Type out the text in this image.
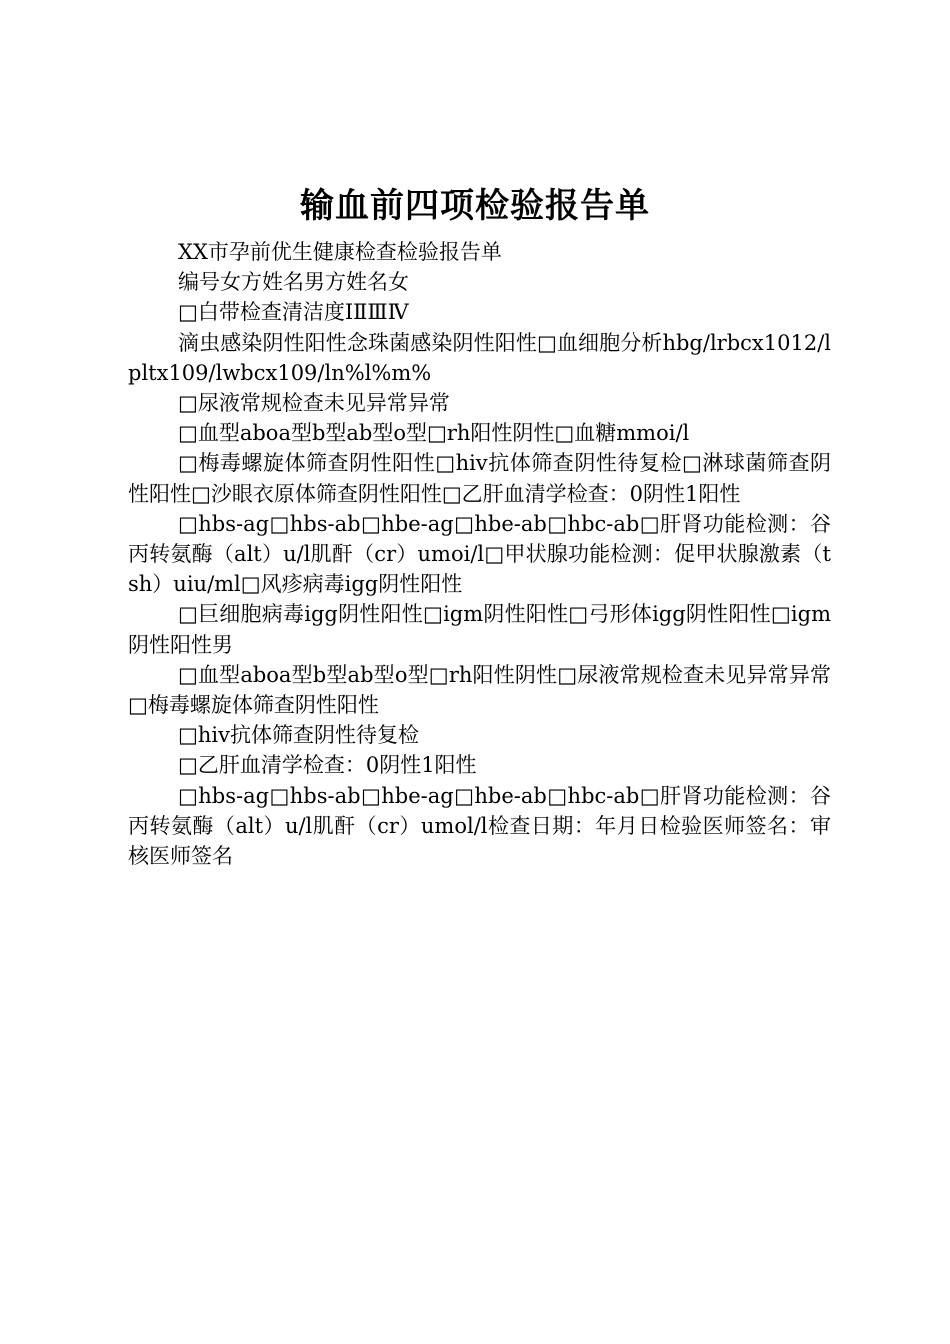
输血前四项检验报告单

XX市孕前优生健康检查检验报告单

编号女方姓名男方姓名女

□白带检查清洁度ⅠⅡⅢⅣ

滴虫感染阴性阳性念珠菌感染阴性阳性□血细胞分析hbg/lrbcx1012/lpltx109/lwbcx109/ln%l%m%

□尿液常规检查未见异常异常

□血型aboa型b型ab型o型□rh阳性阴性□血糖mmoi/l

□梅毒螺旋体筛查阴性阳性□hiv抗体筛查阴性待复检□淋球菌筛查阴性阳性□沙眼衣原体筛查阴性阳性□乙肝血清学检查：0阴性1阳性

□hbs-ag□hbs-ab□hbe-ag□hbe-ab□hbc-ab□肝肾功能检测：谷丙转氨酶（alt）u/l肌酐（cr）umoi/l□甲状腺功能检测：促甲状腺激素（tsh）uiu/ml□风疹病毒igg阴性阳性

□巨细胞病毒igg阴性阳性□igm阴性阳性□弓形体igg阴性阳性□igm阴性阳性男

□血型aboa型b型ab型o型□rh阳性阴性□尿液常规检查未见异常异常□梅毒螺旋体筛查阴性阳性

□hiv抗体筛查阴性待复检

□乙肝血清学检查：0阴性1阳性

□hbs-ag□hbs-ab□hbe-ag□hbe-ab□hbc-ab□肝肾功能检测：谷丙转氨酶（alt）u/l肌酐（cr）umol/l检查日期：年月日检验医师签名：审核医师签名
